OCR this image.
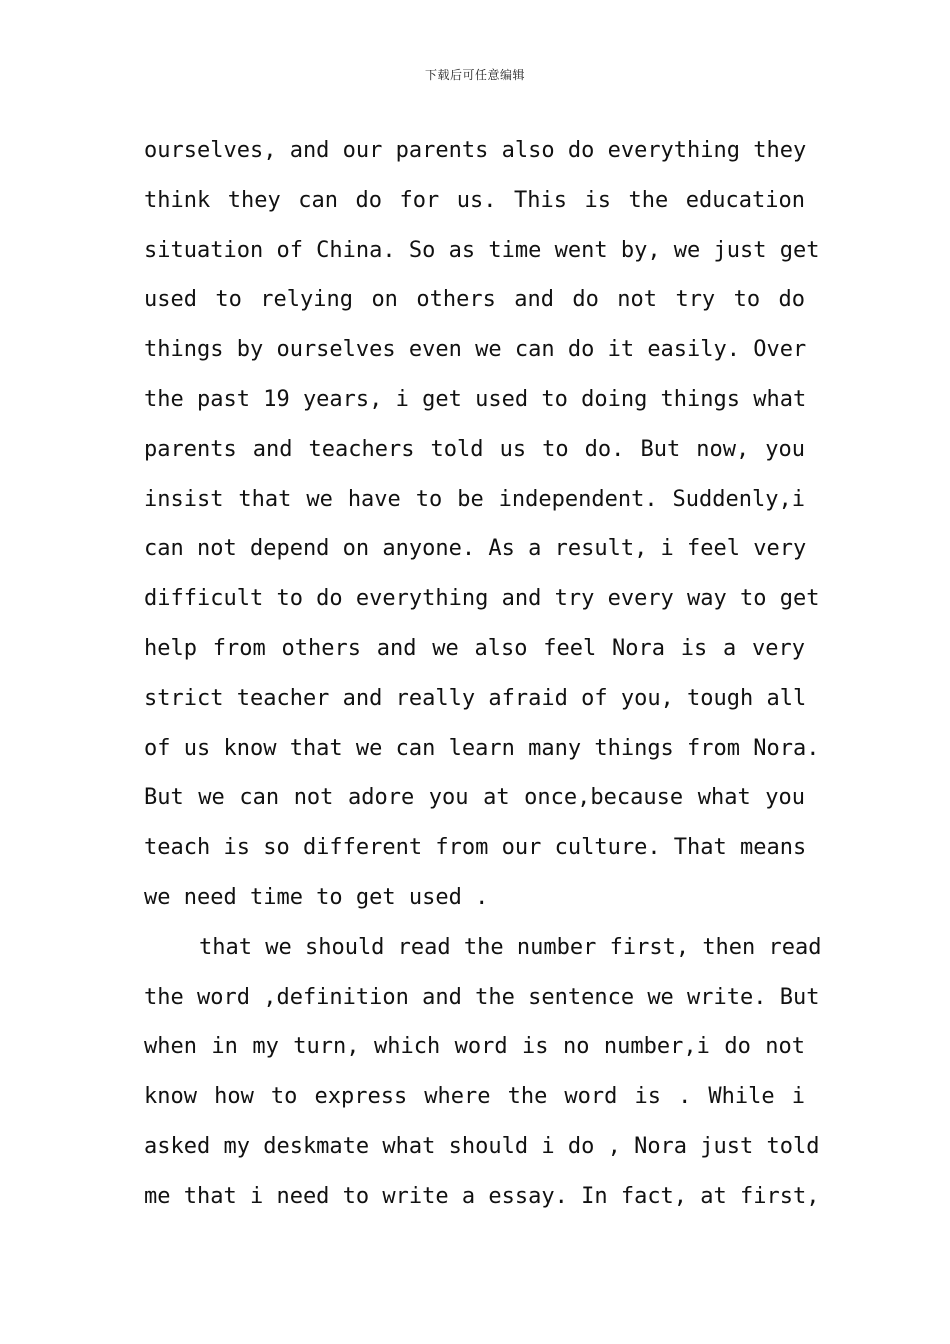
下载后可任意编辑
ourselves, and our parents also do everything they
think they can do for us. This is the education
situation of China. So as time went by, we just get
used to relying on others and do not try to do
things by ourselves even we can do it easily. Over
the past 19 years, i get used to doing things what
parents and teachers told us to do. But now, you
insist that we have to be independent. Suddenly,i
can not depend on anyone. As a result, i feel very
difficult to do everything and try every way to get
help from others and we also feel Nora is a very
strict teacher and really afraid of you, tough all
of us know that we can learn many things from Nora.
But we can not adore you at once,because what you
teach is so different from our culture. That means
we need time to get used .
that we should read the number first, then read
the word ,definition and the sentence we write. But
when in my turn, which word is no number,i do not
know how to express where the word is . While i
asked my deskmate what should i do , Nora just told
me that i need to write a essay. In fact, at first,
